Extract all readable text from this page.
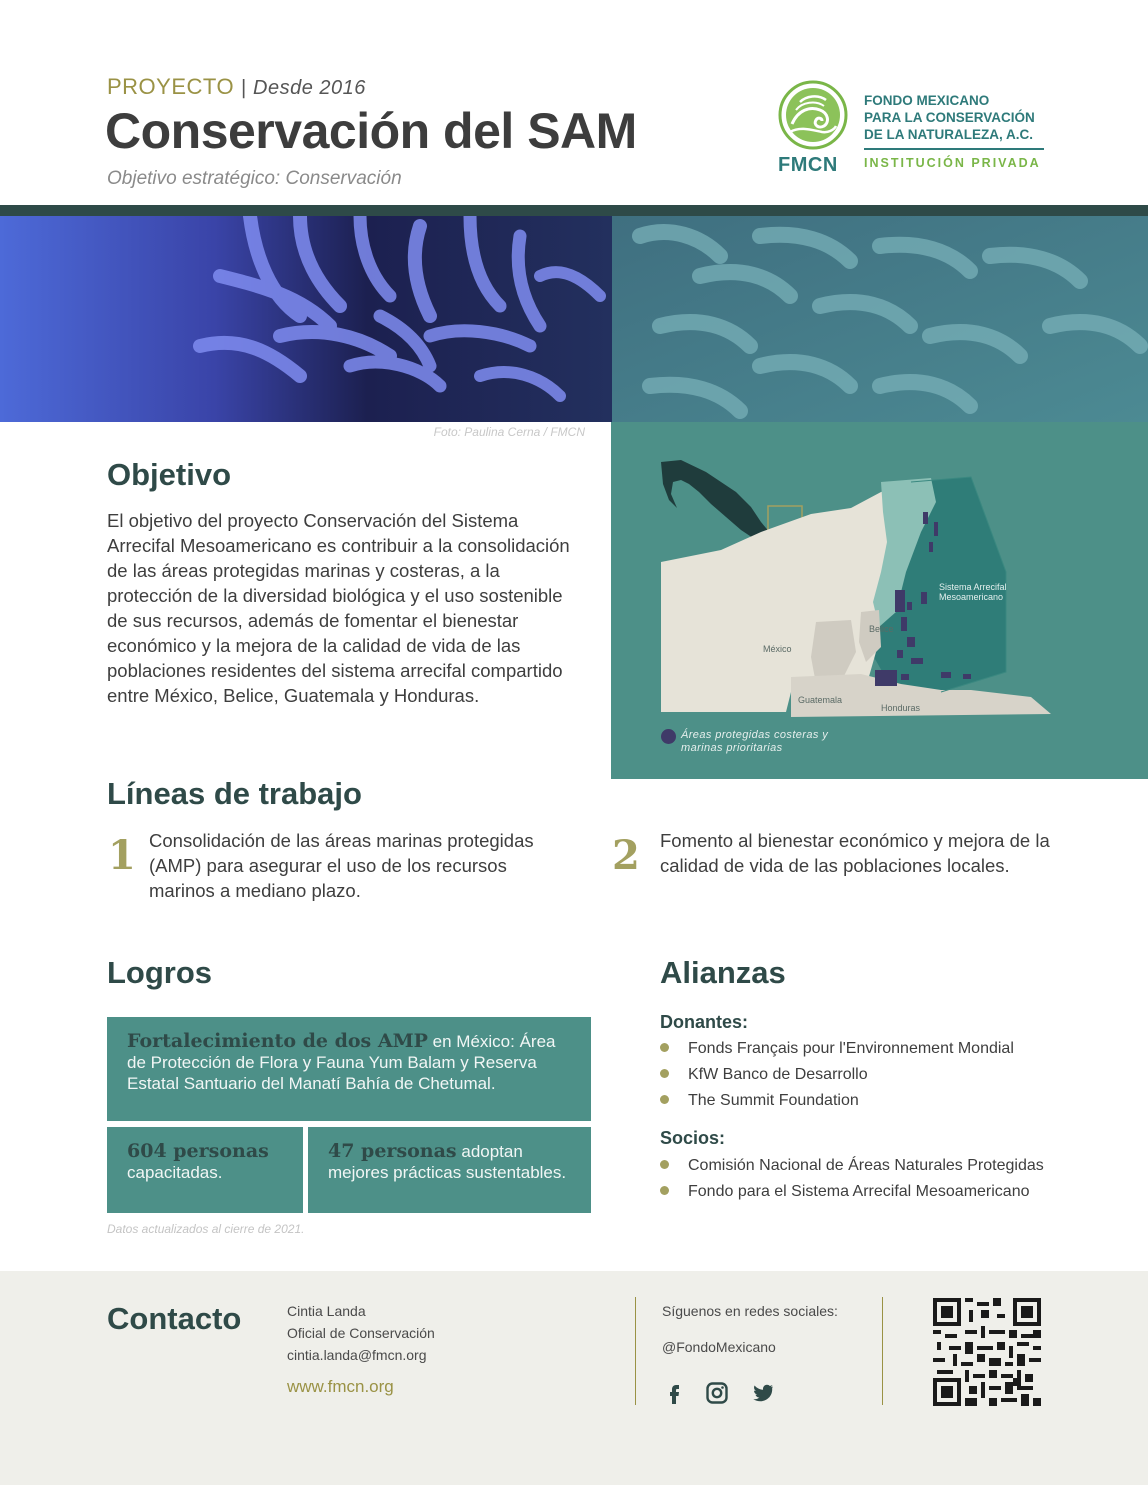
PROYECTO | Desde 2016
Conservación del SAM
Objetivo estratégico: Conservación
FMCN
FONDO MEXICANO
PARA LA CONSERVACIÓN
DE LA NATURALEZA, A.C.
INSTITUCIÓN PRIVADA
Foto: Paulina Cerna / FMCN
Sistema Arrecifal
Mesoamericano
México
Belice
Guatemala
Honduras
Áreas protegidas costeras y marinas prioritarias
Objetivo
El objetivo del proyecto Conservación del Sistema Arrecifal Mesoamericano es contribuir a la consolidación de las áreas protegidas marinas y costeras, a la protección de la diversidad biológica y el uso sostenible de sus recursos, además de fomentar el bienestar económico y la mejora de la calidad de vida de las poblaciones residentes del sistema arrecifal compartido entre México, Belice, Guatemala y Honduras.
Líneas de trabajo
1 Consolidación de las áreas marinas protegidas (AMP) para asegurar el uso de los recursos marinos a mediano plazo.
2 Fomento al bienestar económico y mejora de la calidad de vida de las poblaciones locales.
Logros
Fortalecimiento de dos AMP en México: Área de Protección de Flora y Fauna Yum Balam y Reserva Estatal Santuario del Manatí Bahía de Chetumal.
604 personas
capacitadas.
47 personas adoptan mejores prácticas sustentables.
Datos actualizados al cierre de 2021.
Alianzas
Donantes:
Fonds Français pour l'Environnement Mondial
KfW Banco de Desarrollo
The Summit Foundation
Socios:
Comisión Nacional de Áreas Naturales Protegidas
Fondo para el Sistema Arrecifal Mesoamericano
Contacto	Cintia Landa
Oficial de Conservación
cintia.landa@fmcn.org
www.fmcn.org
Síguenos en redes sociales:
@FondoMexicano
